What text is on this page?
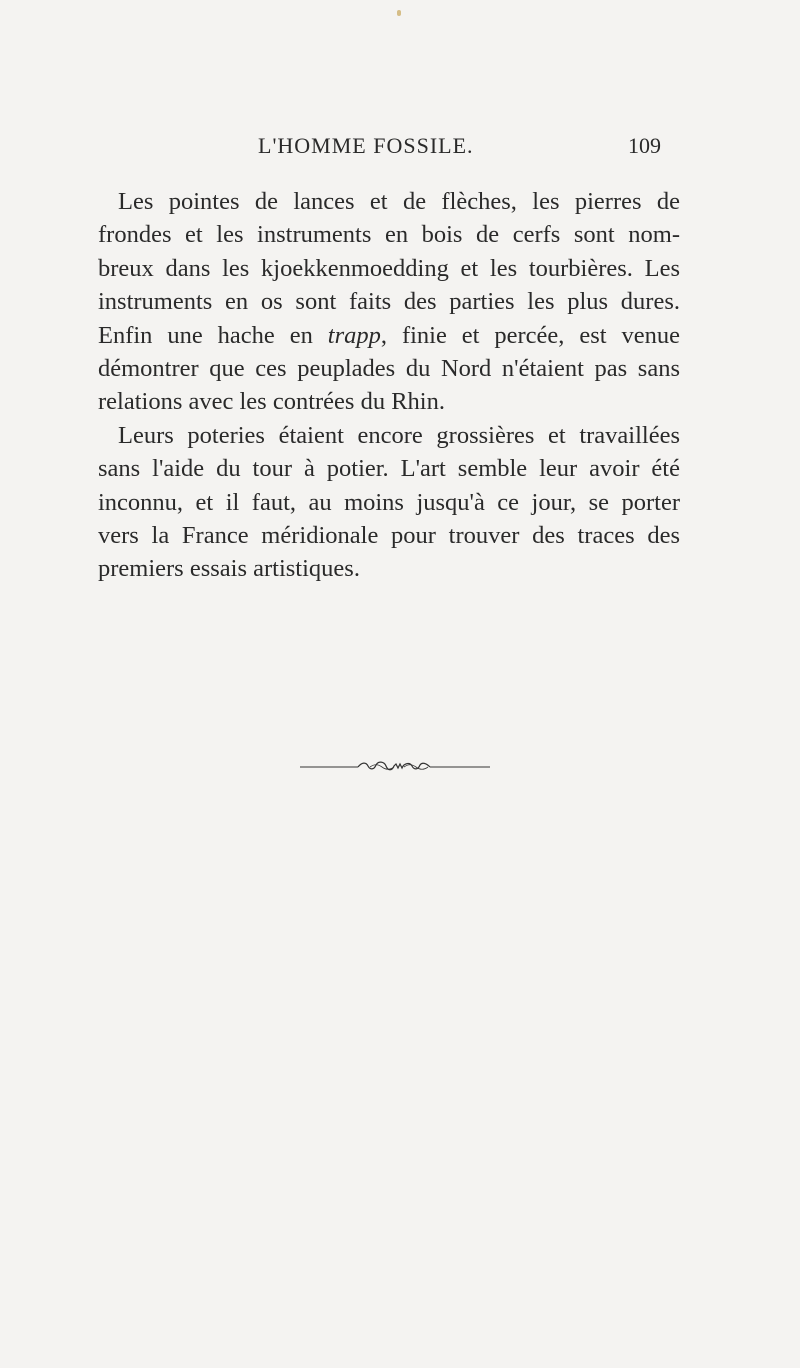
L'HOMME FOSSILE.	109
Les pointes de lances et de flèches, les pierres de
frondes et les instruments en bois de cerfs sont nom-
breux dans les kjoekkenmoedding et les tourbières. Les
instruments en os sont faits des parties les plus dures.
Enfin une hache en trapp, finie et percée, est venue
démontrer que ces peuplades du Nord n'étaient pas sans
relations avec les contrées du Rhin.
Leurs poteries étaient encore grossières et travaillées
sans l'aide du tour à potier. L'art semble leur avoir été
inconnu, et il faut, au moins jusqu'à ce jour, se porter
vers la France méridionale pour trouver des traces des
premiers essais artistiques.
